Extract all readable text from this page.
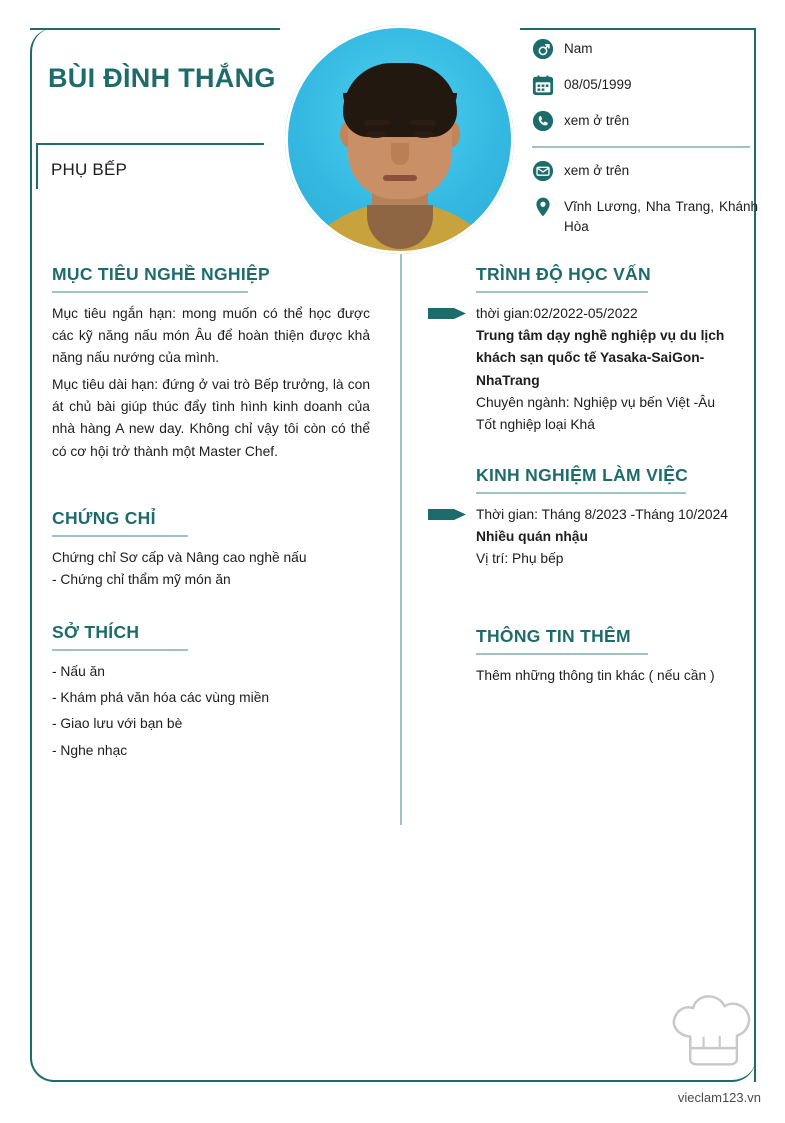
BÙI ĐÌNH THẮNG
PHỤ BẾP
Nam
08/05/1999
xem ở trên
xem ở trên
Vĩnh Lương, Nha Trang, Khánh Hòa
MỤC TIÊU NGHỀ NGHIỆP
Mục tiêu ngắn hạn: mong muốn có thể học được các kỹ năng nấu món Âu để hoàn thiện được khả năng nấu nướng của mình.
Mục tiêu dài hạn: đứng ở vai trò Bếp trưởng, là con át chủ bài giúp thúc đẩy tình hình kinh doanh của nhà hàng A new day. Không chỉ vậy tôi còn có thể có cơ hội trở thành một Master Chef.
CHỨNG CHỈ
Chứng chỉ Sơ cấp và Nâng cao nghề nấu
- Chứng chỉ thẩm mỹ món ăn
SỞ THÍCH
- Nấu ăn
- Khám phá văn hóa các vùng miền
- Giao lưu với bạn bè
- Nghe nhạc
TRÌNH ĐỘ HỌC VẤN
thời gian:02/2022-05/2022
Trung tâm dạy nghề nghiệp vụ du lịch khách sạn quốc tế Yasaka-SaiGon-NhaTrang
Chuyên ngành: Nghiệp vụ bến Việt -Âu
Tốt nghiệp loại Khá
KINH NGHIỆM LÀM VIỆC
Thời gian: Tháng 8/2023 -Tháng 10/2024
Nhiều quán nhậu
Vị trí: Phụ bếp
THÔNG TIN THÊM
Thêm những thông tin khác ( nếu cần )
vieclam123.vn
